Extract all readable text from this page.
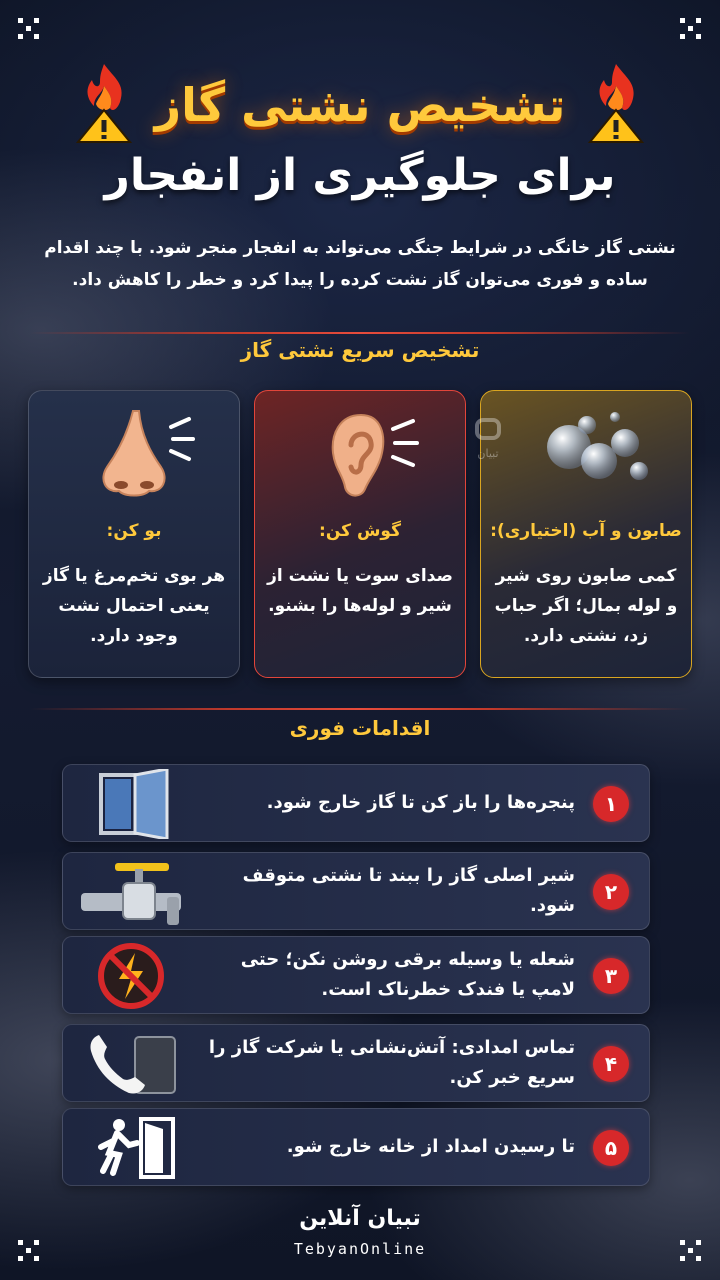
تشخیص نشتی گاز
برای جلوگیری از انفجار
نشتی گاز خانگی در شرایط جنگی می‌تواند به انفجار منجر شود. با چند اقدام ساده و فوری می‌توان گاز نشت کرده را پیدا کرد و خطر را کاهش داد.
تشخیص سریع نشتی گاز
صابون و آب (اختیاری):
کمی صابون روی شیر و لوله بمال؛ اگر حباب زد، نشتی دارد.
گوش کن:
صدای سوت یا نشت از شیر و لوله‌ها را بشنو.
بو کن:
هر بوی تخم‌مرغ یا گاز یعنی احتمال نشت وجود دارد.
تبیان
اقدامات فوری
۱
پنجره‌ها را باز کن تا گاز خارج شود.
۲
شیر اصلی گاز را ببند تا نشتی متوقف شود.
۳
شعله یا وسیله برقی روشن نکن؛ حتی لامپ یا فندک خطرناک است.
۴
تماس امدادی: آتش‌نشانی یا شرکت گاز را سریع خبر کن.
۵
تا رسیدن امداد از خانه خارج شو.
تبیان آنلاین
TebyanOnline
